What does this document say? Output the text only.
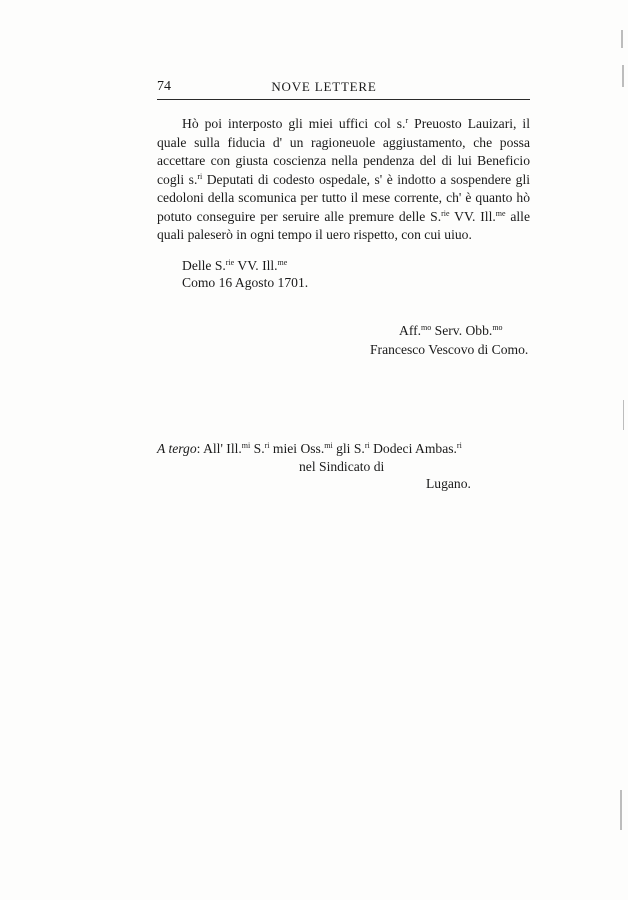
74	NOVE LETTERE
Hò poi interposto gli miei uffici col s.$^r$ Preuosto Lauizari, il quale sulla fiducia d' un ragioneuole aggiustamento, che possa accettare con giusta coscienza nella pendenza del di lui Beneficio cogli s.$^{ri}$ Deputati di codesto ospedale, s' è indotto a sospendere gli cedoloni della scomunica per tutto il mese corrente, ch' è quanto hò potuto conseguire per seruire alle premure delle S.$^{rie}$ VV. Ill.$^{me}$ alle quali paleserò in ogni tempo il uero rispetto, con cui uiuo.
Delle S.$^{rie}$ VV. Ill.$^{me}$
Como 16 Agosto 1701.
Aff.$^{mo}$ Serv. Obb.$^{mo}$
Francesco Vescovo di Como.
A tergo: All' Ill.$^{mi}$ S.$^{ri}$ miei Oss.$^{mi}$ gli S.$^{ri}$ Dodeci Ambas.$^{ri}$
nel Sindicato di
Lugano.
